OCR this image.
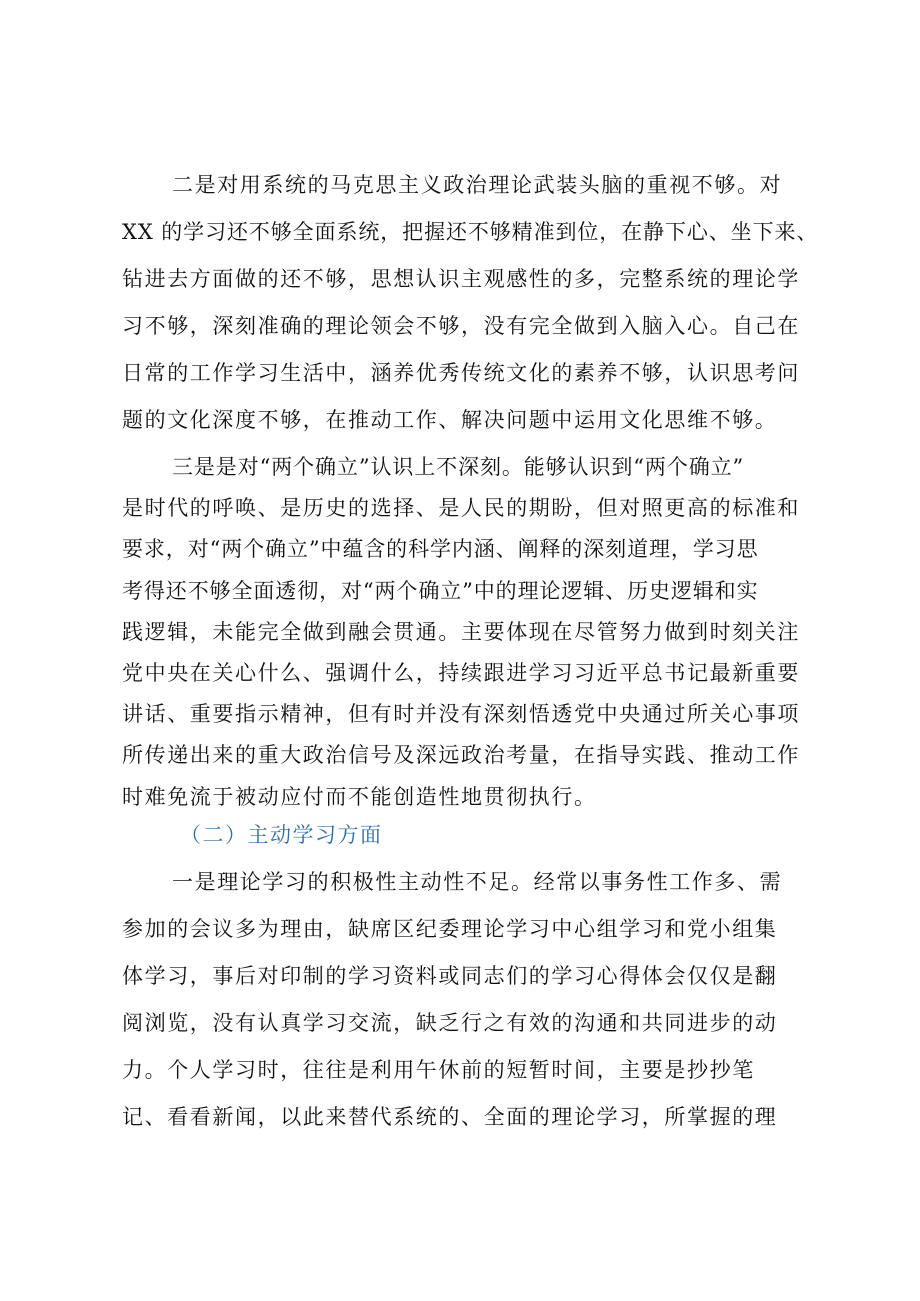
二是对用系统的马克思主义政治理论武装头脑的重视不够。对
XX 的学习还不够全面系统，把握还不够精准到位，在静下心、坐下来、
钻进去方面做的还不够，思想认识主观感性的多，完整系统的理论学
习不够，深刻准确的理论领会不够，没有完全做到入脑入心。自己在
日常的工作学习生活中，涵养优秀传统文化的素养不够，认识思考问
题的文化深度不够，在推动工作、解决问题中运用文化思维不够。
三是是对“两个确立”认识上不深刻。能够认识到“两个确立”
是时代的呼唤、是历史的选择、是人民的期盼，但对照更高的标准和
要求，对“两个确立”中蕴含的科学内涵、阐释的深刻道理，学习思
考得还不够全面透彻，对“两个确立”中的理论逻辑、历史逻辑和实
践逻辑，未能完全做到融会贯通。主要体现在尽管努力做到时刻关注
党中央在关心什么、强调什么，持续跟进学习习近平总书记最新重要
讲话、重要指示精神，但有时并没有深刻悟透党中央通过所关心事项
所传递出来的重大政治信号及深远政治考量，在指导实践、推动工作
时难免流于被动应付而不能创造性地贯彻执行。
（二）主动学习方面
一是理论学习的积极性主动性不足。经常以事务性工作多、需
参加的会议多为理由，缺席区纪委理论学习中心组学习和党小组集
体学习，事后对印制的学习资料或同志们的学习心得体会仅仅是翻
阅浏览，没有认真学习交流，缺乏行之有效的沟通和共同进步的动
力。个人学习时，往往是利用午休前的短暂时间，主要是抄抄笔
记、看看新闻，以此来替代系统的、全面的理论学习，所掌握的理
